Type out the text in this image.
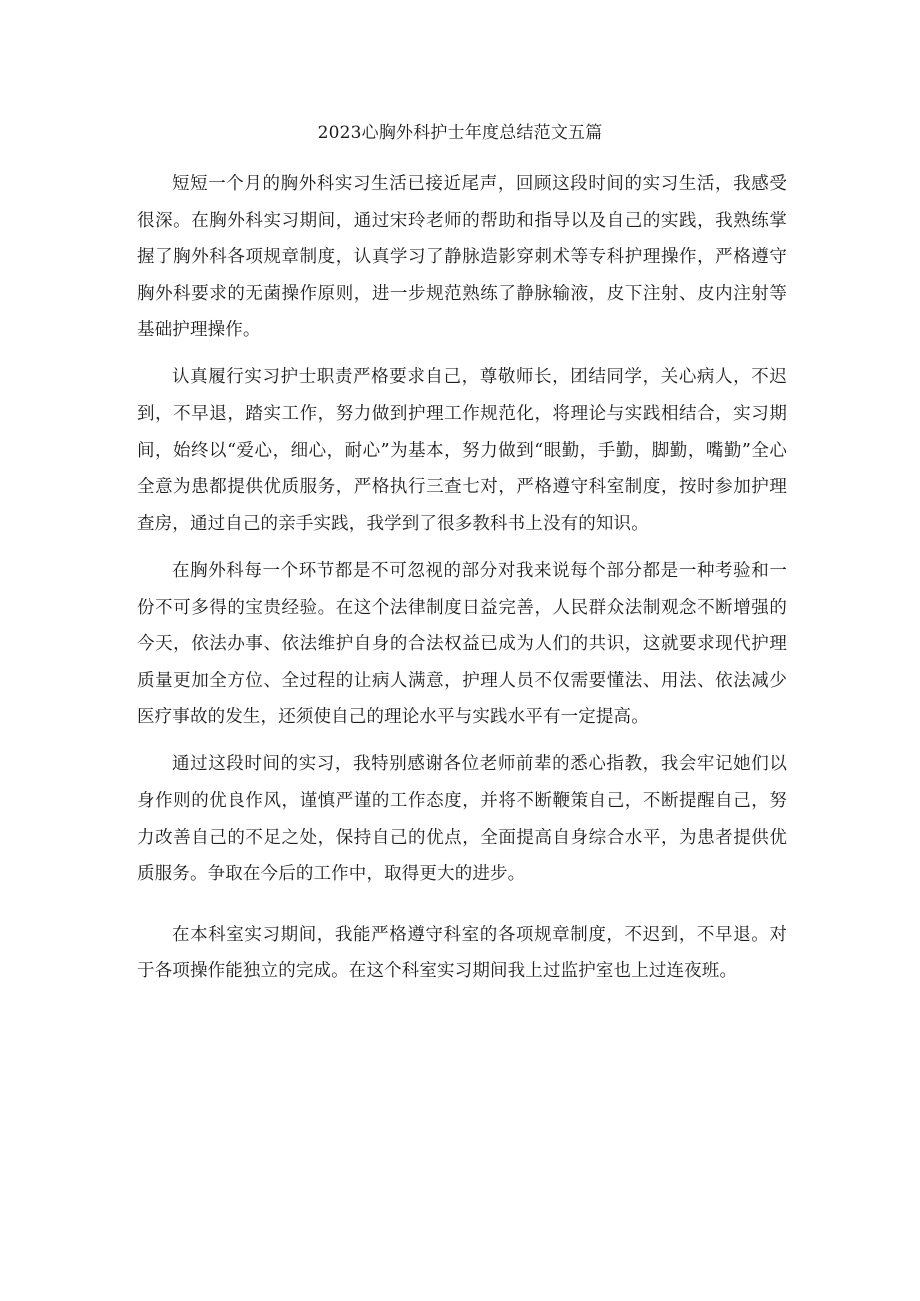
2023心胸外科护士年度总结范文五篇

短短一个月的胸外科实习生活已接近尾声，回顾这段时间的实习生活，我感受很深。在胸外科实习期间，通过宋玲老师的帮助和指导以及自己的实践，我熟练掌握了胸外科各项规章制度，认真学习了静脉造影穿刺术等专科护理操作，严格遵守胸外科要求的无菌操作原则，进一步规范熟练了静脉输液，皮下注射、皮内注射等基础护理操作。

认真履行实习护士职责严格要求自己，尊敬师长，团结同学，关心病人，不迟到，不早退，踏实工作，努力做到护理工作规范化，将理论与实践相结合，实习期间，始终以“爱心，细心，耐心”为基本，努力做到“眼勤，手勤，脚勤，嘴勤”全心全意为患都提供优质服务，严格执行三查七对，严格遵守科室制度，按时参加护理查房，通过自己的亲手实践，我学到了很多教科书上没有的知识。

在胸外科每一个环节都是不可忽视的部分对我来说每个部分都是一种考验和一份不可多得的宝贵经验。在这个法律制度日益完善，人民群众法制观念不断增强的今天，依法办事、依法维护自身的合法权益已成为人们的共识，这就要求现代护理质量更加全方位、全过程的让病人满意，护理人员不仅需要懂法、用法、依法减少医疗事故的发生，还须使自己的理论水平与实践水平有一定提高。

通过这段时间的实习，我特别感谢各位老师前辈的悉心指教，我会牢记她们以身作则的优良作风，谨慎严谨的工作态度，并将不断鞭策自己，不断提醒自己，努力改善自己的不足之处，保持自己的优点，全面提高自身综合水平，为患者提供优质服务。争取在今后的工作中，取得更大的进步。

在本科室实习期间，我能严格遵守科室的各项规章制度，不迟到，不早退。对于各项操作能独立的完成。在这个科室实习期间我上过监护室也上过连夜班。
